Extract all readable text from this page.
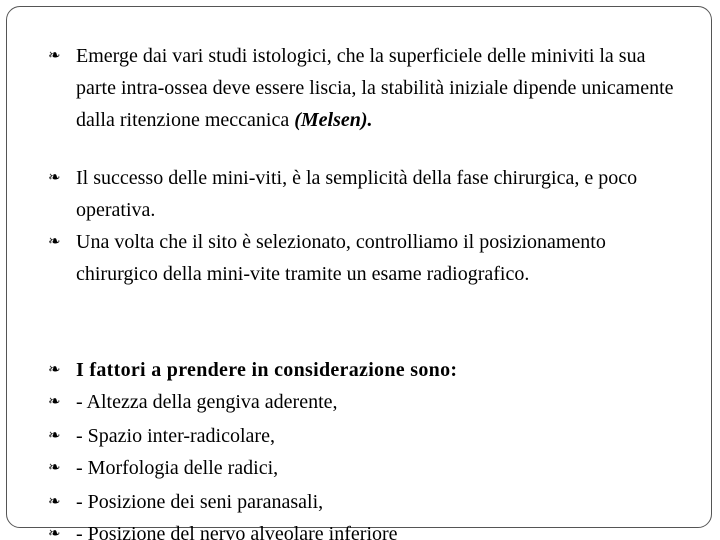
❧ Emerge dai vari studi istologici, che la superficiele delle miniviti la sua parte intra-ossea deve essere liscia, la stabilità iniziale dipende unicamente dalla ritenzione meccanica (Melsen).
❧ Il successo delle mini-viti, è la semplicità della fase chirurgica, e poco operativa.
❧ Una volta che il sito è selezionato, controlliamo il posizionamento chirurgico della mini-vite tramite un esame radiografico.
❧ I fattori a prendere in considerazione sono:
❧ - Altezza della gengiva aderente,
❧ - Spazio inter-radicolare,
❧ - Morfologia delle radici,
❧ - Posizione dei seni paranasali,
❧ - Posizione del nervo alveolare inferiore
